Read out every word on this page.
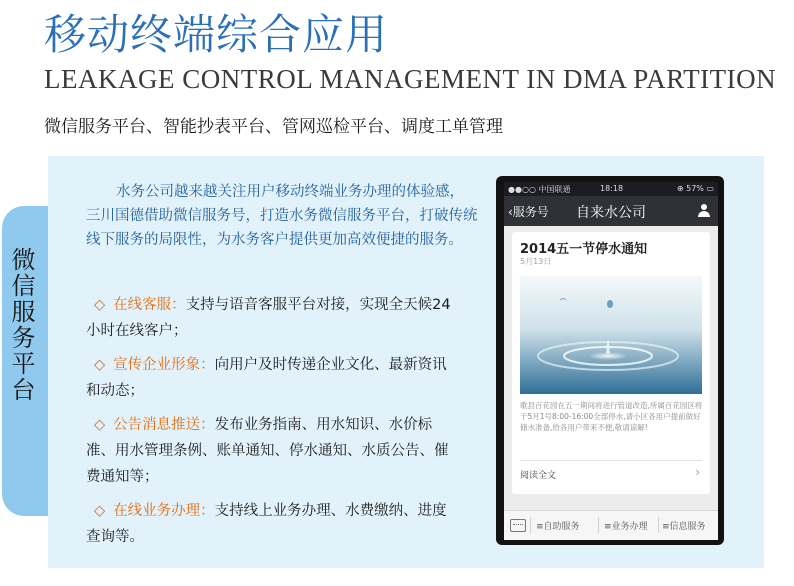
移动终端综合应用
LEAKAGE CONTROL MANAGEMENT IN DMA PARTITION
微信服务平台、智能抄表平台、管网巡检平台、调度工单管理
微信服务平台
水务公司越来越关注用户移动终端业务办理的体验感，三川国德借助微信服务号，打造水务微信服务平台，打破传统线下服务的局限性，为水务客户提供更加高效便捷的服务。
◇ 在线客服：支持与语音客服平台对接，实现全天候24小时在线客户；
◇ 宣传企业形象：向用户及时传递企业文化、最新资讯和动态；
◇ 公告消息推送：发布业务指南、用水知识、水价标准、用水管理条例、账单通知、停水通知、水质公告、催费通知等；
◇ 在线业务办理：支持线上业务办理、水费缴纳、进度查询等。
●●○○ 中国联通	18:18	⊕ 57% ▭
自来水公司
‹服务号
2014五一节停水通知
5月13日
歌县百花园在五一期间将进行管道改造,所属百花园区将于5月1号8:00-16:00全部停水,请小区各用户提前做好储水准备,给各用户带来不便,敬请谅解!
阅读全文	›
≡自助服务	≡业务办理 ≡信息服务
